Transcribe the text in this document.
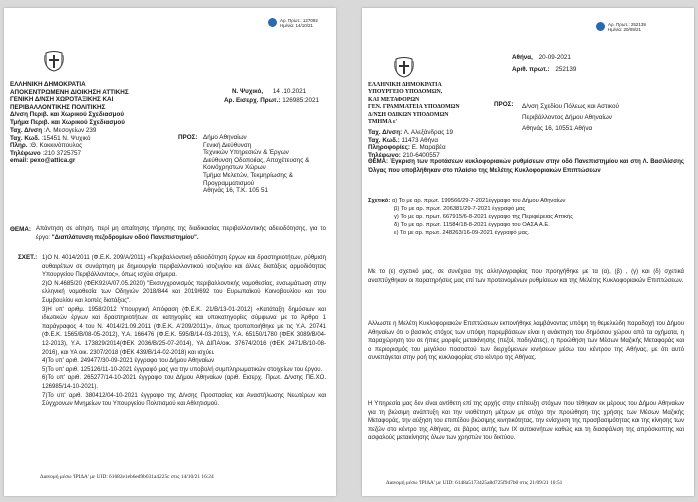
Αρ. Πρωτ.: 127092
Ημ/νία: 14/10/21
ΕΛΛΗΝΙΚΗ ΔΗΜΟΚΡΑΤΙΑ
ΑΠΟΚΕΝΤΡΩΜΕΝΗ ΔΙΟΙΚΗΣΗ ΑΤΤΙΚΗΣ
ΓΕΝΙΚΗ Δ/ΝΣΗ ΧΩΡΟΤΑΞΙΚΗΣ ΚΑΙ
ΠΕΡΙΒΑΛΛΟΝΤΙΚΗΣ ΠΟΛΙΤΙΚΗΣ
Δ/νση Περιβ. και Χωρικού Σχεδιασμού
Τμήμα Περιβ. και Χωρικού Σχεδιασμού
Ν. Ψυχικό, 14 .10.2021
Αρ. Εισερχ. Πρωτ.: 126985:2021
Ταχ. Δ/νση :Λ. Μεσογείων 239
Ταχ. Κωδ. :15451 Ν. Ψυχικό
Πληρ. :Θ. Κοκκινόπουλος
Τηλέφωνο :210 3725757
email: pexo@attica.gr
ΠΡΟΣ: Δήμο Αθηναίων
Γενική Διεύθυνση
Τεχνικών Υπηρεσιών & Έργων
Διεύθυνση Οδοποιίας, Αποχέτευσης &
Κοινόχρηστων Χώρων
Τμήμα Μελετών, Τεκμηρίωσης &
Προγραμματισμού
Αθηνάς 16, Τ.Κ. 105 51
ΘΕΜΑ: Απάντηση σε αίτηση, περί μη απαίτησης τήρησης της διαδικασίας περιβαλλοντικής αδειοδότησης, για το έργο: "Διαπλάτυνση πεζοδρομίων οδού Πανεπιστημίου".
ΣΧΕΤ.: 1)Ο Ν. 4014/2011 (Φ.Ε.Κ. 209/Α/2011) «Περιβαλλοντική αδειοδότηση έργων και δραστηριοτήτων, ρύθμιση αυθαιρέτων σε συνάρτηση με δημιουργία περιβαλλοντικού ισοζυγίου και άλλες διατάξεις αρμοδιότητας Υπουργείου Περιβάλλοντος», όπως ισχύει σήμερα.
2)Ο Ν.4685/20 (ΦΕΚ92/Α/07.05.2020) "Εκσυγχρονισμός περιβαλλοντικής νομοθεσίας, ενσωμάτωση στην ελληνική νομοθεσία των Οδηγιών 2018/844 και 2019/692 του Ευρωπαϊκού Κοινοβουλίου και του Συμβουλίου και λοιπές διατάξεις".
3)Η υπ' αριθμ. 1958/2012 Υπουργική Απόφαση (Φ.Ε.Κ. 21/Β/13-01-2012) «Κατάταξη δημόσιων και ιδιωτικών έργων και δραστηριοτήτων σε κατηγορίες και υποκατηγορίες σύμφωνα με το Άρθρο 1 παράγραφος 4 του Ν. 4014/21.09.2011 (Φ.Ε.Κ. Α'209/2011)», όπως τροποποιήθηκε με τις Υ.Α. 20741 (Φ.Ε.Κ. 1565/Β/08-05-2012), Υ.Α. 166476 (Φ.Ε.Κ. 595/Β/14-03-2013), Υ.Α. 65150/1780 (ΦΕΚ 3089/Β/04-12-2013), Υ.Α. 173829/2014(ΦΕΚ 2036/Β/25-07-2014), ΥΑ ΔΙΠΑ/οικ. 37674/2016 (ΦΕΚ 2471/Β/10-08-2016), και ΥΑ οικ. 2307/2018 (ΦΕΚ 439/Β/14-02-2018) και ισχύει.
4)Το υπ' αριθ. 249477/30-09-2021 έγγραφο του Δήμου Αθηναίων
5)Το υπ' αριθ. 125126/11-10-2021 έγγραφό μας για την υποβολή συμπληρωματικών στοιχείων του έργου.
6)Το υπ' αριθ. 265277/14-10-2021 έγγραφο του Δήμου Αθηναίων (αριθ. Εισερχ. Πρωτ. Δ/νσης ΠΕ.ΧΟ. 126985/14-10-2021).
7)Το υπ' αριθ. 380412/04-10-2021 έγγραφο της Δ/νσης Προστασίας και Αναστήλωσης Νεωτέρων και Σύγχρονων Μνημείων του Υπουργείου Πολιτισμού και Αθλητισμού.
Διανομή μέσω 'ΙΡΙΔΑ' με UID: 61682e1eb6ed9b031a4225c στις 14/10/21 16:24
Αρ. Πρωτ.: 252139
Ημ/νία: 20/09/21
ΕΛΛΗΝΙΚΗ ΔΗΜΟΚΡΑΤΙΑ
ΥΠΟΥΡΓΕΙΟ ΥΠΟΔΟΜΩΝ,
ΚΑΙ ΜΕΤΑΦΟΡΩΝ
ΓΕΝ. ΓΡΑΜΜΑΤΕΙΑ ΥΠΟΔΟΜΩΝ
Δ/ΝΣΗ ΟΔΙΚΩΝ ΥΠΟΔΟΜΩΝ
ΤΜΗΜΑ ε'
Αθήνα, 20-09-2021
Αριθ. πρωτ.: 252139
Ταχ. Δ/νση: Λ. Αλεξάνδρας 19
Ταχ. Κωδ.: 11473 Αθήνα
Πληροφορίες: Ε. Μαραβέα
Τηλέφωνο: 210-6400557
ΠΡΟΣ: Δ/νση Σχεδίου Πόλεως και Αστικού
Περιβάλλοντος Δήμου Αθηναίων
Αθηνάς 16, 10551 Αθήνα
ΘΕΜΑ: Έγκριση των προτάσεων κυκλοφοριακών ρυθμίσεων στην οδό Πανεπιστημίου και στη Λ. Βασιλίσσης Όλγας που υποβλήθηκαν στο πλαίσιο της Μελέτης Κυκλοφοριακών Επιπτώσεων
Σχετικό: α) Το με αρ. πρωτ. 199566/29-7-2021έγγραφο του Δήμου Αθηναίων
β) Το με αρ. πρωτ. 206381/29-7-2021 έγγραφό μας
γ) Το με αρ. πρωτ. 667915/6-8-2021 έγγραφο της Περιφέρειας Αττικής
δ) Το με αρ. πρωτ. 11584/18-8-2021 έγγραφο του ΟΑΣΑ Α.Ε.
ε) Το με αρ. πρωτ. 248263/16-09-2021 έγγραφό μας.
Με το (ε) σχετικό μας, σε συνέχεια της αλληλογραφίας που προηγήθηκε με τα (α), (β) , (γ) και (δ) σχετικά αναπτύχθηκαν οι παρατηρήσεις μας επί των προτεινομένων ρυθμίσεων και της Μελέτης Κυκλοφοριακών Επιπτώσεων.
Αλλωστε η Μελέτη Κυκλοφοριακών Επιπτώσεων εκπονήθηκε λαμβάνοντας υπόψη τη θεμελιώδη παραδοχή του Δήμου Αθηναίων ότι ο βασικός στόχος των υπόψη παρεμβάσεων είναι η ανάκτηση του δημόσιου χώρου από τα οχήματα, η παραχώρηση του σε ήπιες μορφές μετακίνησης (πεζοί, ποδηλάτες), η προώθηση των Μέσων Μαζικής Μεταφοράς και ο περιορισμός του μεγάλου ποσοστού των διερχόμενων κινήσεων μέσω του κέντρου της Αθήνας, με ότι αυτό συνεπάγεται στην ροή της κυκλοφορίας στο κέντρο της Αθήνας.
Η Υπηρεσία μας δεν είναι αντίθετη επί της αρχής στην επίτευξη στόχων που τέθηκαν εκ μέρους του Δήμου Αθηναίων για τη βιώσιμη ανάπτυξη και την υιοθέτηση μέτρων με στόχο την προώθηση της χρήσης των Μέσων Μαζικής Μεταφοράς, την αύξηση του επιπέδου βιώσιμης κινητικότητας, την ενίσχυση της προσβασιμότητας και της κίνησης των πεζών στο κέντρο της Αθήνας, σε βάρος αυτής των ΙΧ αυτοκινήτων καθώς και τη διασφάλιση της απρόσκοπτης και ασφαλούς μετακίνησης όλων των χρηστών του δικτύου.
Διανομή μέσω 'ΙΡΙΔΑ' με UID: 6148a5173425a8d725f947b0 στις 21/09/21 10:51
